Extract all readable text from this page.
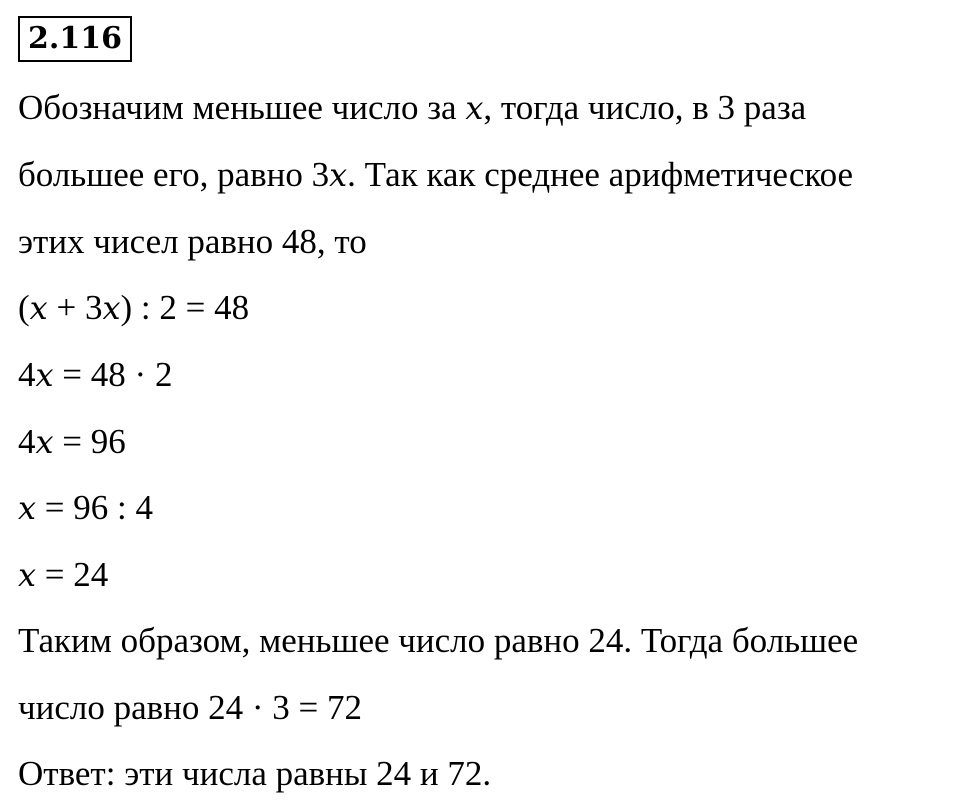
2.116
Обозначим меньшее число за x, тогда число, в 3 раза
большее его, равно 3x. Так как среднее арифметическое
этих чисел равно 48, то
(x + 3x) : 2 = 48
4x = 48 · 2
4x = 96
x = 96 : 4
x = 24
Таким образом, меньшее число равно 24. Тогда большее
число равно 24 · 3 = 72
Ответ: эти числа равны 24 и 72.
